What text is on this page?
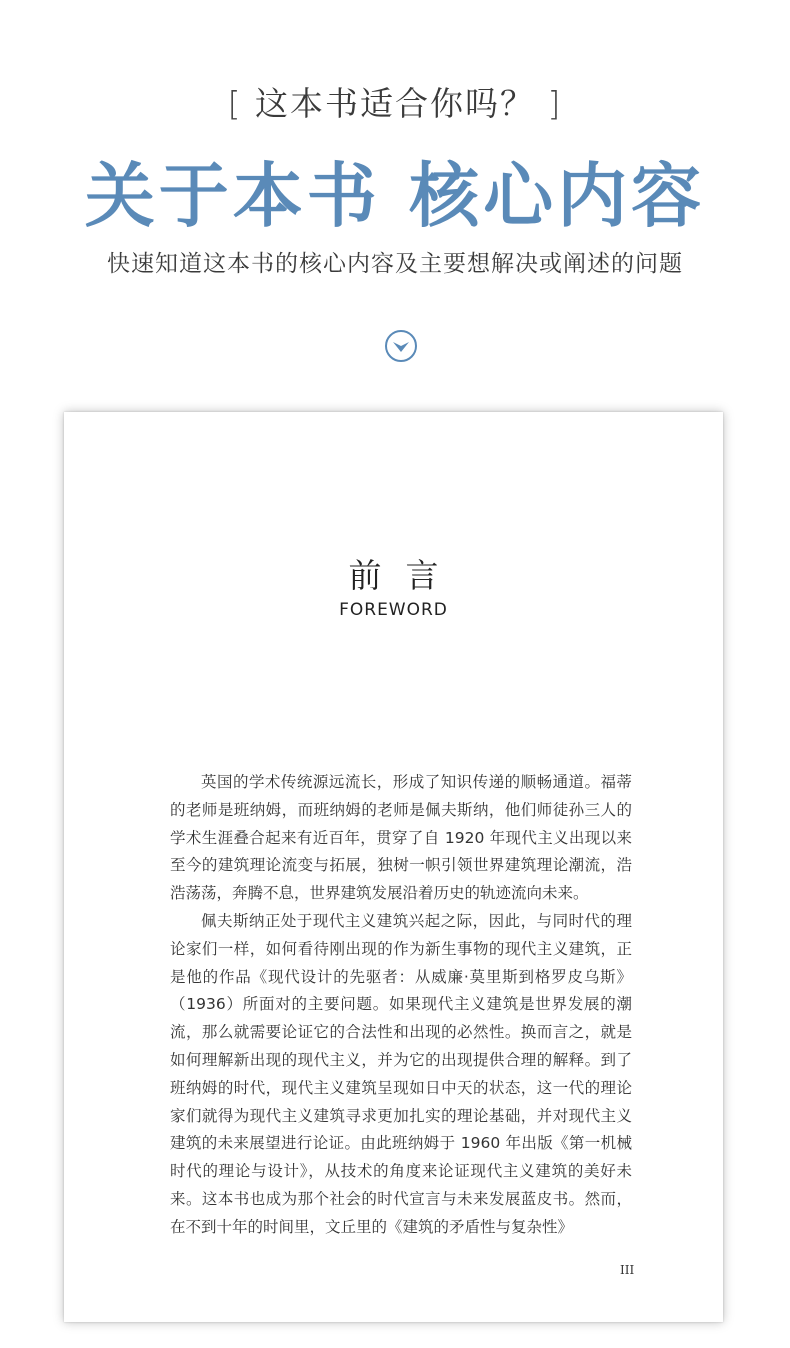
[ 这本书适合你吗？ ]
关于本书 核心内容
快速知道这本书的核心内容及主要想解决或阐述的问题
前言
FOREWORD

英国的学术传统源远流长，形成了知识传递的顺畅通道。福蒂的老师是班纳姆，而班纳姆的老师是佩夫斯纳，他们师徒孙三人的学术生涯叠合起来有近百年，贯穿了自 1920 年现代主义出现以来至今的建筑理论流变与拓展，独树一帜引领世界建筑理论潮流，浩浩荡荡，奔腾不息，世界建筑发展沿着历史的轨迹流向未来。

佩夫斯纳正处于现代主义建筑兴起之际，因此，与同时代的理论家们一样，如何看待刚出现的作为新生事物的现代主义建筑，正是他的作品《现代设计的先驱者：从威廉·莫里斯到格罗皮乌斯》（1936）所面对的主要问题。如果现代主义建筑是世界发展的潮流，那么就需要论证它的合法性和出现的必然性。换而言之，就是如何理解新出现的现代主义，并为它的出现提供合理的解释。到了班纳姆的时代，现代主义建筑呈现如日中天的状态，这一代的理论家们就得为现代主义建筑寻求更加扎实的理论基础，并对现代主义建筑的未来展望进行论证。由此班纳姆于 1960 年出版《第一机械时代的理论与设计》，从技术的角度来论证现代主义建筑的美好未来。这本书也成为那个社会的时代宣言与未来发展蓝皮书。然而，在不到十年的时间里，文丘里的《建筑的矛盾性与复杂性》

III
